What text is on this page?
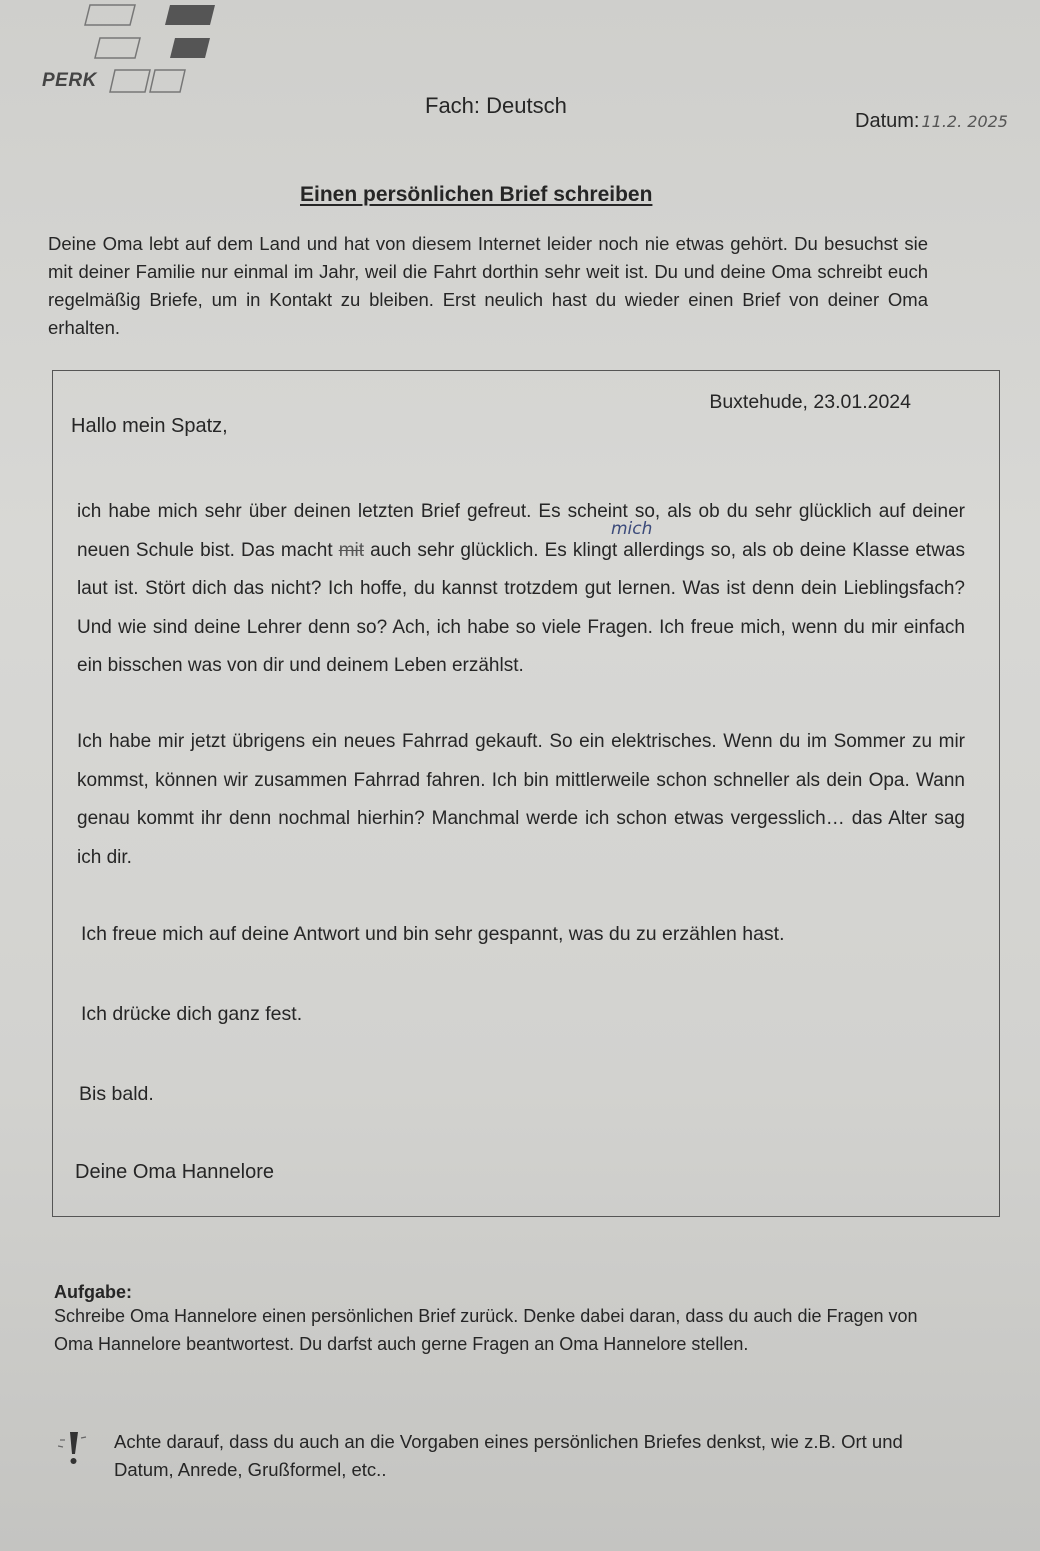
PERK
Fach: Deutsch
Datum: 11.2. 2025
Einen persönlichen Brief schreiben

Deine Oma lebt auf dem Land und hat von diesem Internet leider noch nie etwas gehört. Du besuchst sie mit deiner Familie nur einmal im Jahr, weil die Fahrt dorthin sehr weit ist. Du und deine Oma schreibt euch regelmäßig Briefe, um in Kontakt zu bleiben. Erst neulich hast du wieder einen Brief von deiner Oma erhalten.

Buxtehude, 23.01.2024
Hallo mein Spatz,
mich

ich habe mich sehr über deinen letzten Brief gefreut. Es scheint so, als ob du sehr glücklich auf deiner neuen Schule bist. Das macht mit auch sehr glücklich. Es klingt allerdings so, als ob deine Klasse etwas laut ist. Stört dich das nicht? Ich hoffe, du kannst trotzdem gut lernen. Was ist denn dein Lieblingsfach? Und wie sind deine Lehrer denn so? Ach, ich habe so viele Fragen. Ich freue mich, wenn du mir einfach ein bisschen was von dir und deinem Leben erzählst.

Ich habe mir jetzt übrigens ein neues Fahrrad gekauft. So ein elektrisches. Wenn du im Sommer zu mir kommst, können wir zusammen Fahrrad fahren. Ich bin mittlerweile schon schneller als dein Opa. Wann genau kommt ihr denn nochmal hierhin? Manchmal werde ich schon etwas vergesslich… das Alter sag ich dir.

Ich freue mich auf deine Antwort und bin sehr gespannt, was du zu erzählen hast.
Ich drücke dich ganz fest.
Bis bald.
Deine Oma Hannelore
Aufgabe:

Schreibe Oma Hannelore einen persönlichen Brief zurück. Denke dabei daran, dass du auch die Fragen von Oma Hannelore beantwortest. Du darfst auch gerne Fragen an Oma Hannelore stellen.

Achte darauf, dass du auch an die Vorgaben eines persönlichen Briefes denkst, wie z.B. Ort und Datum, Anrede, Grußformel, etc..
